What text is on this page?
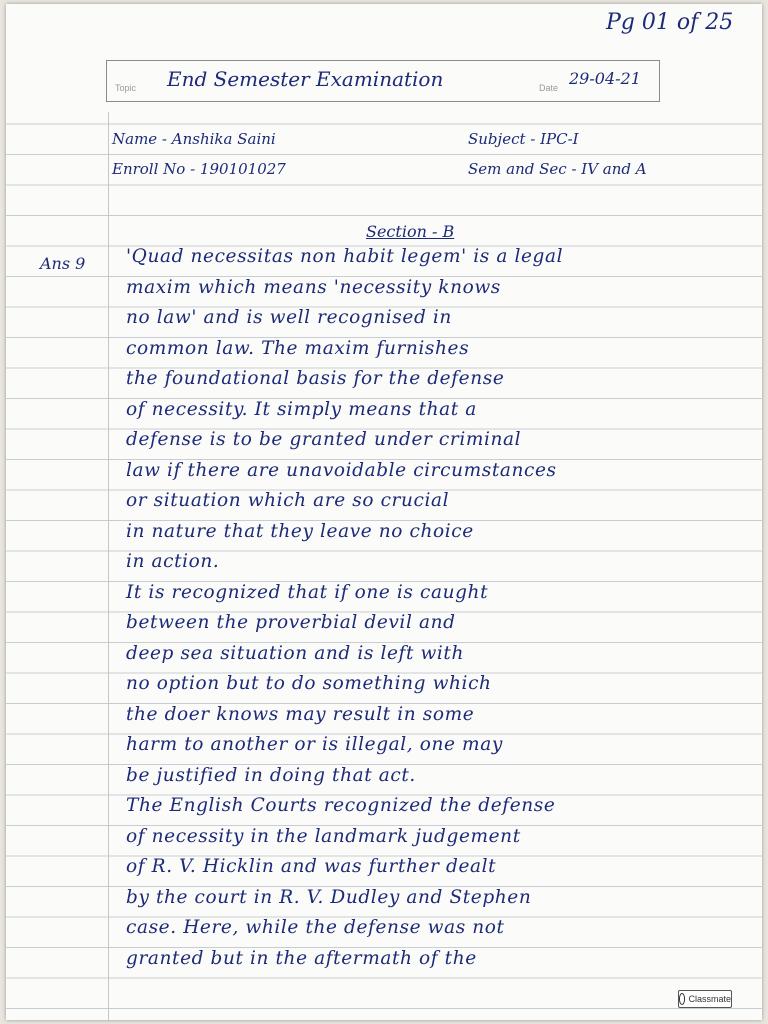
Pg 01 of 25
Topic End Semester Examination	Date 29-04-21
Name - Anshika Saini
Enroll No - 190101027
Subject - IPC-I
Sem and Sec - IV and A
Section - B
Ans 9 'Quad necessitas non habit legem' is a legal
maxim which means 'necessity knows
no law' and is well recognised in
common law. The maxim furnishes
the foundational basis for the defense
of necessity. It simply means that a
defense is to be granted under criminal
law if there are unavoidable circumstances
or situation which are so crucial
in nature that they leave no choice
in action.
It is recognized that if one is caught
between the proverbial devil and
deep sea situation and is left with
no option but to do something which
the doer knows may result in some
harm to another or is illegal, one may
be justified in doing that act.
The English Courts recognized the defense
of necessity in the landmark judgement
of R. V. Hicklin and was further dealt
by the court in R. V. Dudley and Stephen
case. Here, while the defense was not
granted but in the aftermath of the
Classmate
